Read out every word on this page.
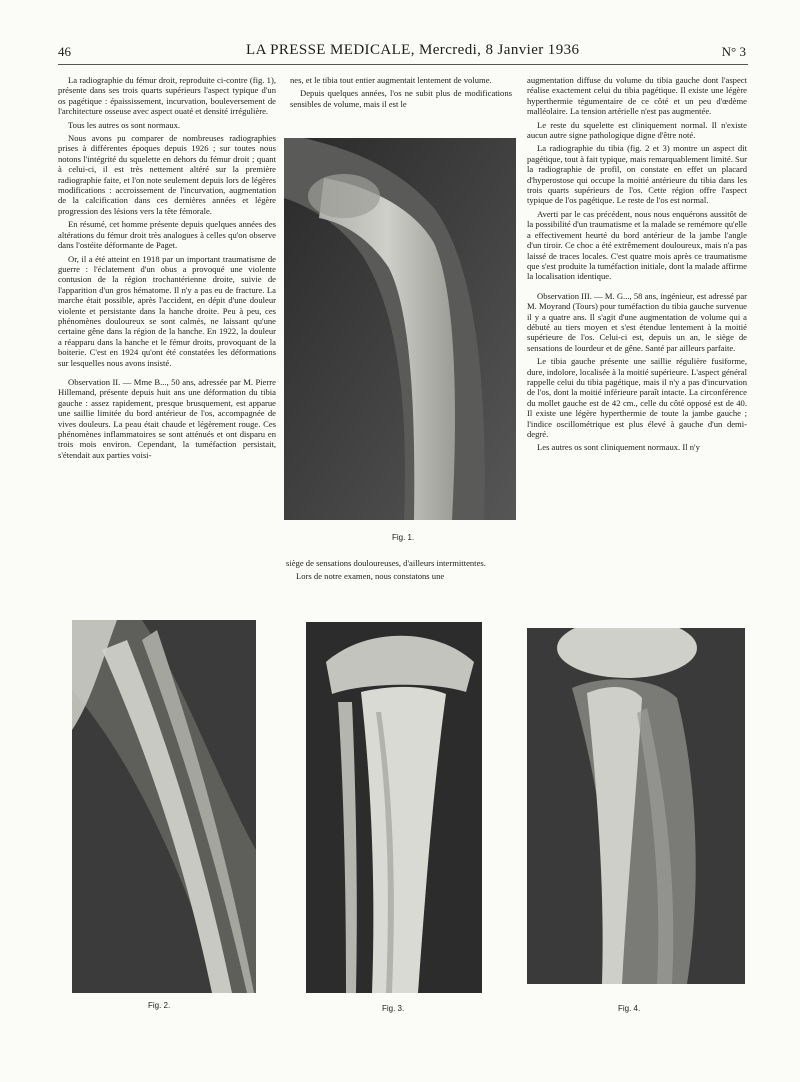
46	LA PRESSE MEDICALE, Mercredi, 8 Janvier 1936	N° 3

La radiographie du fémur droit, reproduite ci-contre (fig. 1), présente dans ses trois quarts supérieurs l'aspect typique d'un os pagétique : épaississement, incurvation, bouleversement de l'architecture osseuse avec aspect ouaté et densité irrégulière.

Tous les autres os sont normaux.

Nous avons pu comparer de nombreuses radiographies prises à différentes époques depuis 1926 ; sur toutes nous notons l'intégrité du squelette en dehors du fémur droit ; quant à celui-ci, il est très nettement altéré sur la première radiographie faite, et l'on note seulement depuis lors de légères modifications : accroissement de l'incurvation, augmentation de la calcification dans ces dernières années et légère progression des lésions vers la tête fémorale.

En résumé, cet homme présente depuis quelques années des altérations du fémur droit très analogues à celles qu'on observe dans l'ostéite déformante de Paget.

Or, il a été atteint en 1918 par un important traumatisme de guerre : l'éclatement d'un obus a provoqué une violente contusion de la région trochantérienne droite, suivie de l'apparition d'un gros hématome. Il n'y a pas eu de fracture. La marche était possible, après l'accident, en dépit d'une douleur violente et persistante dans la hanche droite. Peu à peu, ces phénomènes douloureux se sont calmés, ne laissant qu'une certaine gêne dans la région de la hanche. En 1922, la douleur a réapparu dans la hanche et le fémur droits, provoquant de la boiterie. C'est en 1924 qu'ont été constatées les déformations sur lesquelles nous avons insisté.

Observation II. — Mme B..., 50 ans, adressée par M. Pierre Hillemand, présente depuis huit ans une déformation du tibia gauche : assez rapidement, presque brusquement, est apparue une saillie limitée du bord antérieur de l'os, accompagnée de vives douleurs. La peau était chaude et légèrement rouge. Ces phénomènes inflammatoires se sont atténués et ont disparu en trois mois environ. Cependant, la tuméfaction persistait, s'étendait aux parties voisi-

nes, et le tibia tout entier augmentait lentement de volume.

Depuis quelques années, l'os ne subit plus de modifications sensibles de volume, mais il est le

Fig. 1.

siège de sensations douloureuses, d'ailleurs intermittentes.

Lors de notre examen, nous constatons une

augmentation diffuse du volume du tibia gauche dont l'aspect réalise exactement celui du tibia pagétique. Il existe une légère hyperthermie tégumentaire de ce côté et un peu d'œdème malléolaire. La tension artérielle n'est pas augmentée.

Le reste du squelette est cliniquement normal. Il n'existe aucun autre signe pathologique digne d'être noté.

La radiographie du tibia (fig. 2 et 3) montre un aspect dit pagétique, tout à fait typique, mais remarquablement limité. Sur la radiographie de profil, on constate en effet un placard d'hyperostose qui occupe la moitié antérieure du tibia dans les trois quarts supérieurs de l'os. Cette région offre l'aspect typique de l'os pagétique. Le reste de l'os est normal.

Averti par le cas précédent, nous nous enquérons aussitôt de la possibilité d'un traumatisme et la malade se remémore qu'elle a effectivement heurté du bord antérieur de la jambe l'angle d'un tiroir. Ce choc a été extrêmement douloureux, mais n'a pas laissé de traces locales. C'est quatre mois après ce traumatisme que s'est produite la tuméfaction initiale, dont la malade affirme la localisation identique.

Observation III. — M. G..., 58 ans, ingénieur, est adressé par M. Moyrand (Tours) pour tuméfaction du tibia gauche survenue il y a quatre ans. Il s'agit d'une augmentation de volume qui a débuté au tiers moyen et s'est étendue lentement à la moitié supérieure de l'os. Celui-ci est, depuis un an, le siège de sensations de lourdeur et de gêne. Santé par ailleurs parfaite.

Le tibia gauche présente une saillie régulière fusiforme, dure, indolore, localisée à la moitié supérieure. L'aspect général rappelle celui du tibia pagétique, mais il n'y a pas d'incurvation de l'os, dont la moitié inférieure paraît intacte. La circonférence du mollet gauche est de 42 cm., celle du côté opposé est de 40. Il existe une légère hyperthermie de toute la jambe gauche ; l'indice oscillométrique est plus élevé à gauche d'un demi-degré.

Les autres os sont cliniquement normaux. Il n'y

Fig. 2.	Fig. 3.	Fig. 4.
